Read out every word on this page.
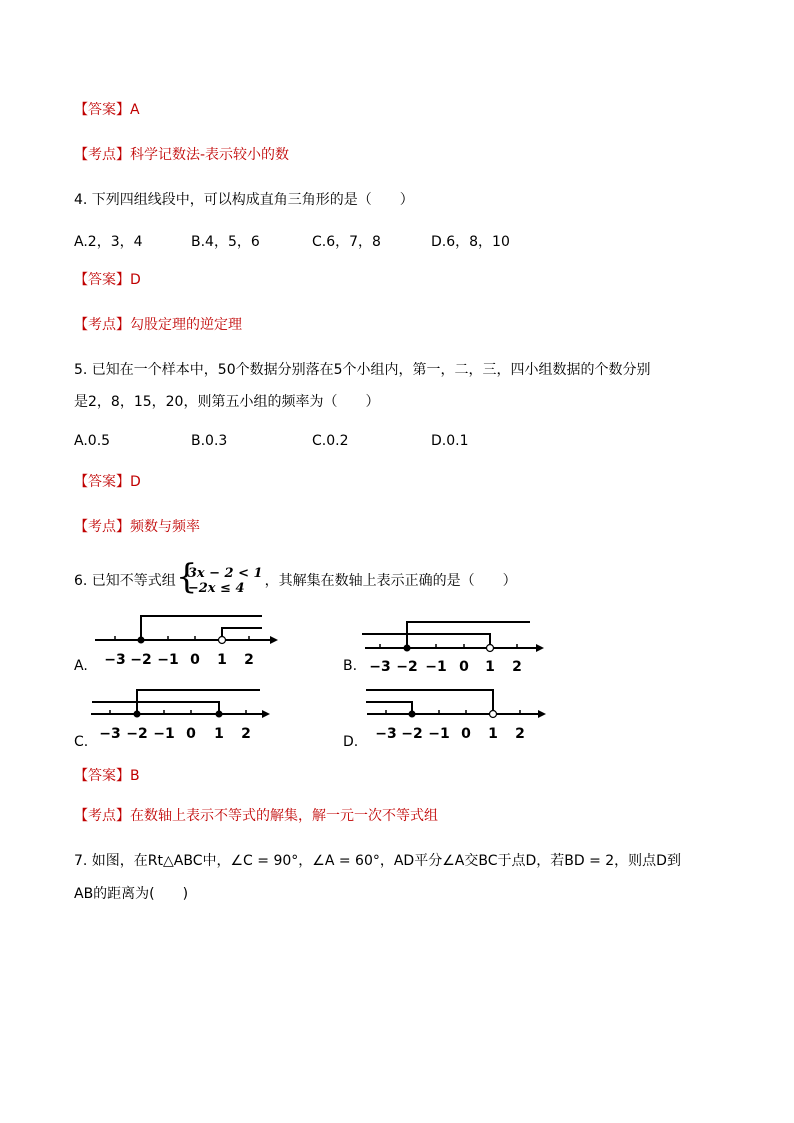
【答案】A
【考点】科学记数法-表示较小的数
4. 下列四组线段中，可以构成直角三角形的是（　　）
A.2，3，4	B.4，5，6	C.6，7，8	D.6，8，10
【答案】D
【考点】勾股定理的逆定理
5. 已知在一个样本中，50个数据分别落在5个小组内，第一，二，三，四小组数据的个数分别
是2，8，15，20，则第五小组的频率为（　　）
A.0.5	B.0.3	C.0.2	D.0.1
【答案】D
【考点】频数与频率
6. 已知不等式组 {
3x − 2 < 1
−2x ≤ 4	，其解集在数轴上表示正确的是（　　）
A. −3 −2 −1 0 1 2	B. −3 −2 −1 0 1 2
C. −3 −2 −1 0 1 2	D. −3 −2 −1 0 1 2
【答案】B
【考点】在数轴上表示不等式的解集，解一元一次不等式组
7. 如图，在Rt△ABC中，∠C = 90°，∠A = 60°，AD平分∠A交BC于点D，若BD = 2，则点D到
AB的距离为(　　)
